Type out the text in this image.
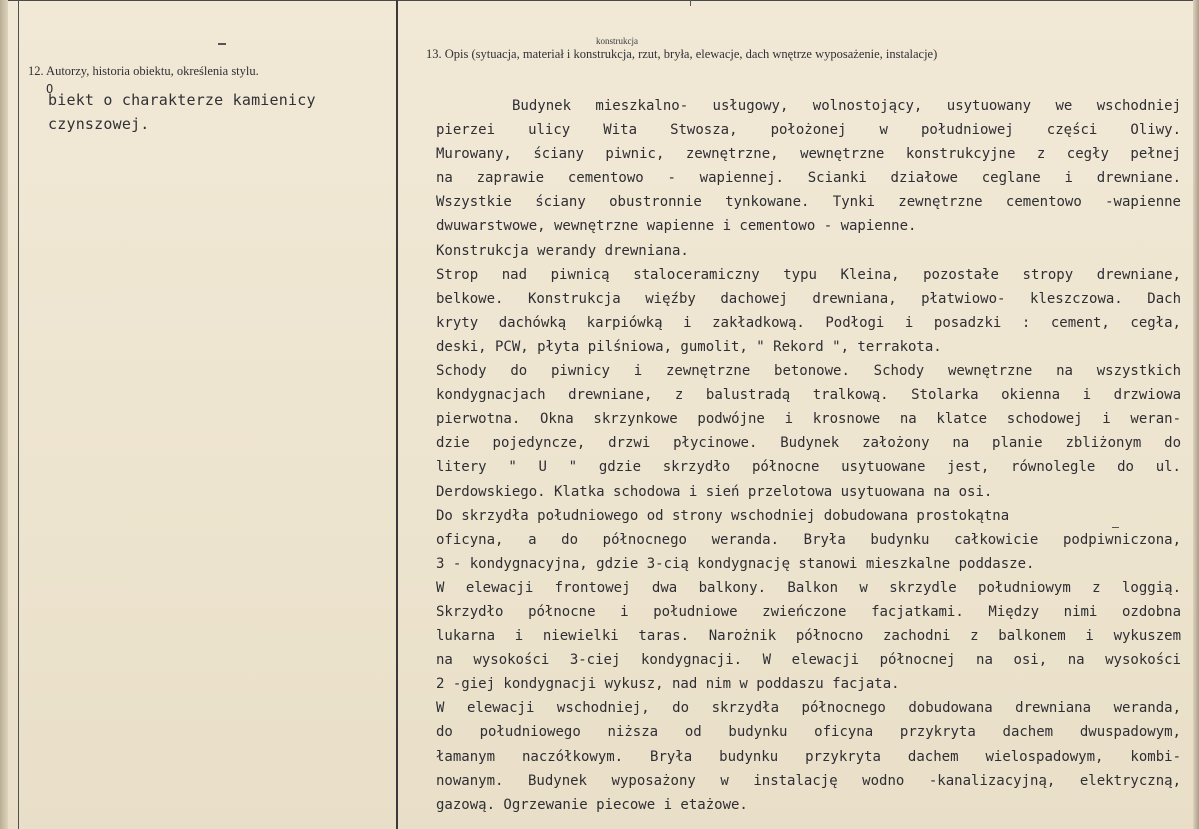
12. Autorzy, historia obiektu, określenia stylu.
O
biekt o charakterze kamienicy
czynszowej.
13. Opis (sytuacja, materiał i konstrukcja, rzut, bryła, elewacje, dach wnętrze wyposażenie, instalacje)
konstrukcja
Budynek mieszkalno- usługowy, wolnostojący, usytuowany we wschodniej
pierzei ulicy Wita Stwosza, położonej w południowej części Oliwy.
Murowany, ściany piwnic, zewnętrzne, wewnętrzne konstrukcyjne z cegły pełnej
na zaprawie cementowo - wapiennej. Scianki działowe ceglane i drewniane.
Wszystkie ściany obustronnie tynkowane. Tynki zewnętrzne cementowo -wapienne
dwuwarstwowe, wewnętrzne wapienne i cementowo - wapienne.
Konstrukcja werandy drewniana.
Strop nad piwnicą staloceramiczny typu Kleina, pozostałe stropy drewniane,
belkowe. Konstrukcja więźby dachowej drewniana, płatwiowo- kleszczowa. Dach
kryty dachówką karpiówką i zakładkową. Podłogi i posadzki : cement, cegła,
deski, PCW, płyta pilśniowa, gumolit, " Rekord ", terrakota.
Schody do piwnicy i zewnętrzne betonowe. Schody wewnętrzne na wszystkich
kondygnacjach drewniane, z balustradą tralkową. Stolarka okienna i drzwiowa
pierwotna. Okna skrzynkowe podwójne i krosnowe na klatce schodowej i weran-
dzie pojedyncze, drzwi płycinowe. Budynek założony na planie zbliżonym do
litery " U " gdzie skrzydło północne usytuowane jest, równolegle do ul.
Derdowskiego. Klatka schodowa i sień przelotowa usytuowana na osi.
Do skrzydła południowego od strony wschodniej dobudowana prostokątna
oficyna, a do północnego weranda. Bryła budynku całkowicie podpiwniczona,
3 - kondygnacyjna, gdzie 3-cią kondygnację stanowi mieszkalne poddasze.
W elewacji frontowej dwa balkony. Balkon w skrzydle południowym z loggią.
Skrzydło północne i południowe zwieńczone facjatkami. Między nimi ozdobna
lukarna i niewielki taras. Narożnik północno zachodni z balkonem i wykuszem
na wysokości 3-ciej kondygnacji. W elewacji północnej na osi, na wysokości
2 -giej kondygnacji wykusz, nad nim w poddaszu facjata.
W elewacji wschodniej, do skrzydła północnego dobudowana drewniana weranda,
do południowego niższa od budynku oficyna przykryta dachem dwuspadowym,
łamanym naczółkowym. Bryła budynku przykryta dachem wielospadowym, kombi-
nowanym. Budynek wyposażony w instalację wodno -kanalizacyjną, elektryczną,
gazową. Ogrzewanie piecowe i etażowe.
